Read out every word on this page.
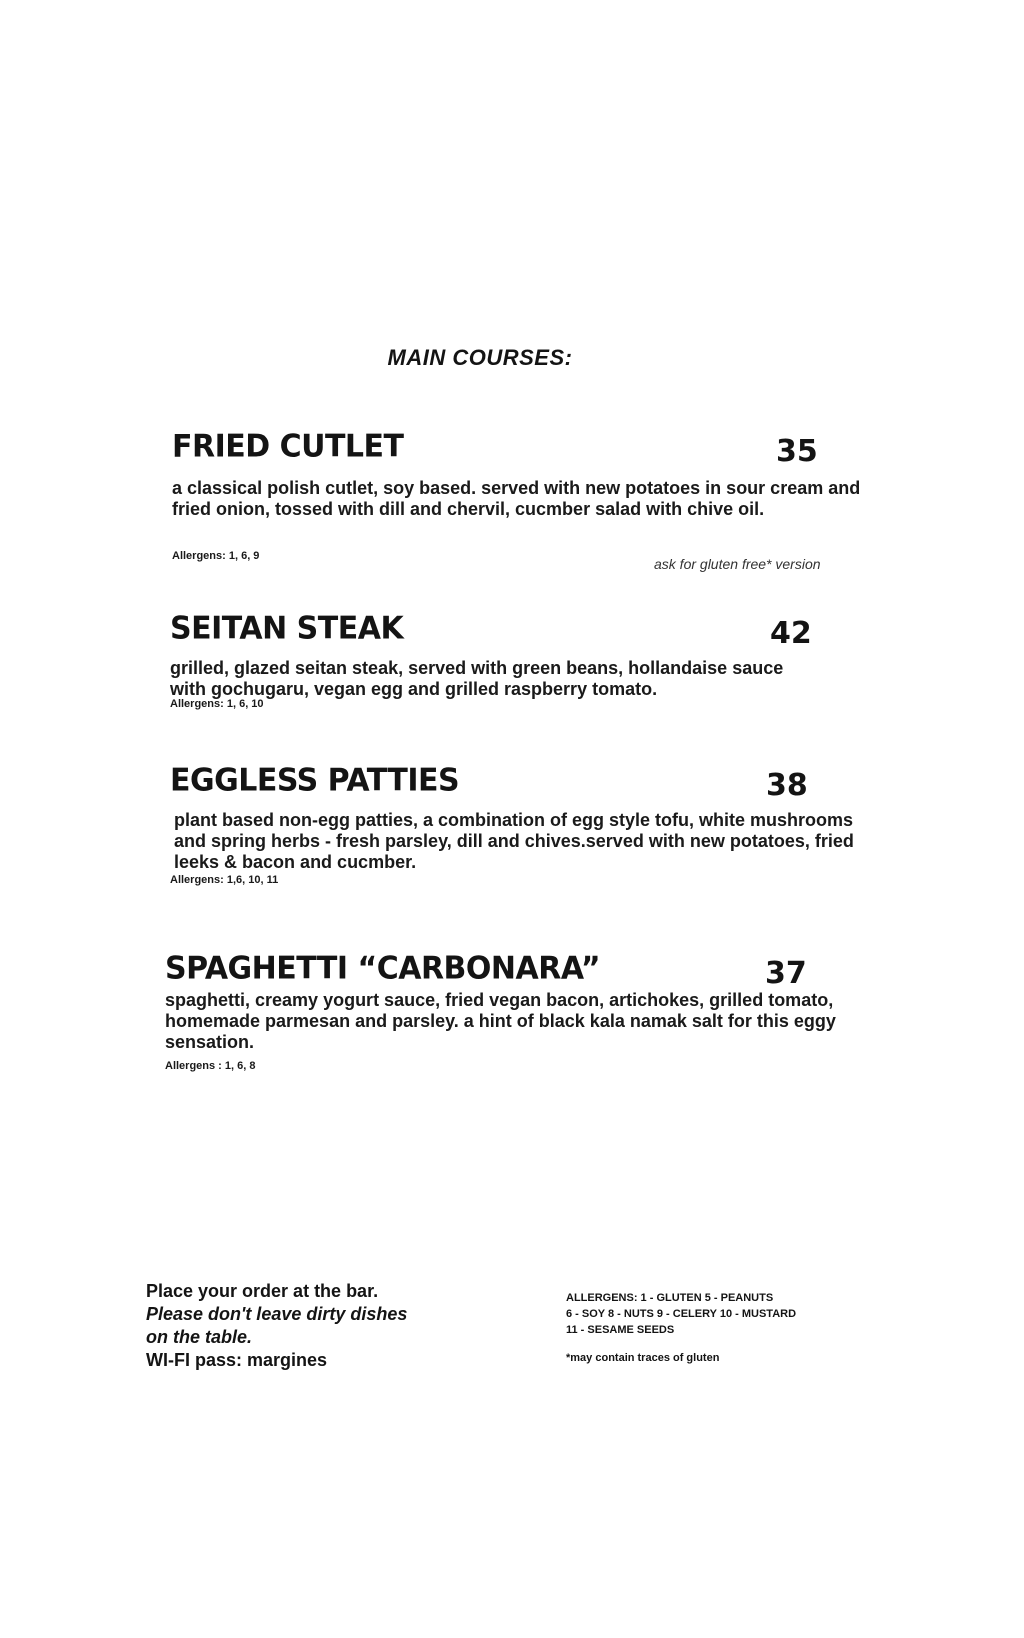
MAIN COURSES:
FRIED CUTLET	35
a classical polish cutlet, soy based. served with new potatoes in sour cream and fried onion, tossed with dill and chervil, cucmber salad with chive oil.
Allergens: 1, 6, 9	ask for gluten free* version
SEITAN STEAK	42
grilled, glazed seitan steak, served with green beans, hollandaise sauce with gochugaru, vegan egg and grilled raspberry tomato.
Allergens: 1, 6, 10
EGGLESS PATTIES	38
plant based non-egg patties, a combination of egg style tofu, white mushrooms and spring herbs - fresh parsley, dill and chives.served with new potatoes, fried leeks & bacon and cucmber.
Allergens: 1,6, 10, 11
SPAGHETTI “CARBONARA”	37
spaghetti, creamy yogurt sauce, fried vegan bacon, artichokes, grilled tomato, homemade parmesan and parsley. a hint of black kala namak salt for this eggy sensation.
Allergens : 1, 6, 8
Place your order at the bar.
Please don't leave dirty dishes
on the table.
WI-FI pass: margines
ALLERGENS: 1 - GLUTEN 5 - PEANUTS
6 - SOY 8 - NUTS 9 - CELERY 10 - MUSTARD
11 - SESAME SEEDS
*may contain traces of gluten
